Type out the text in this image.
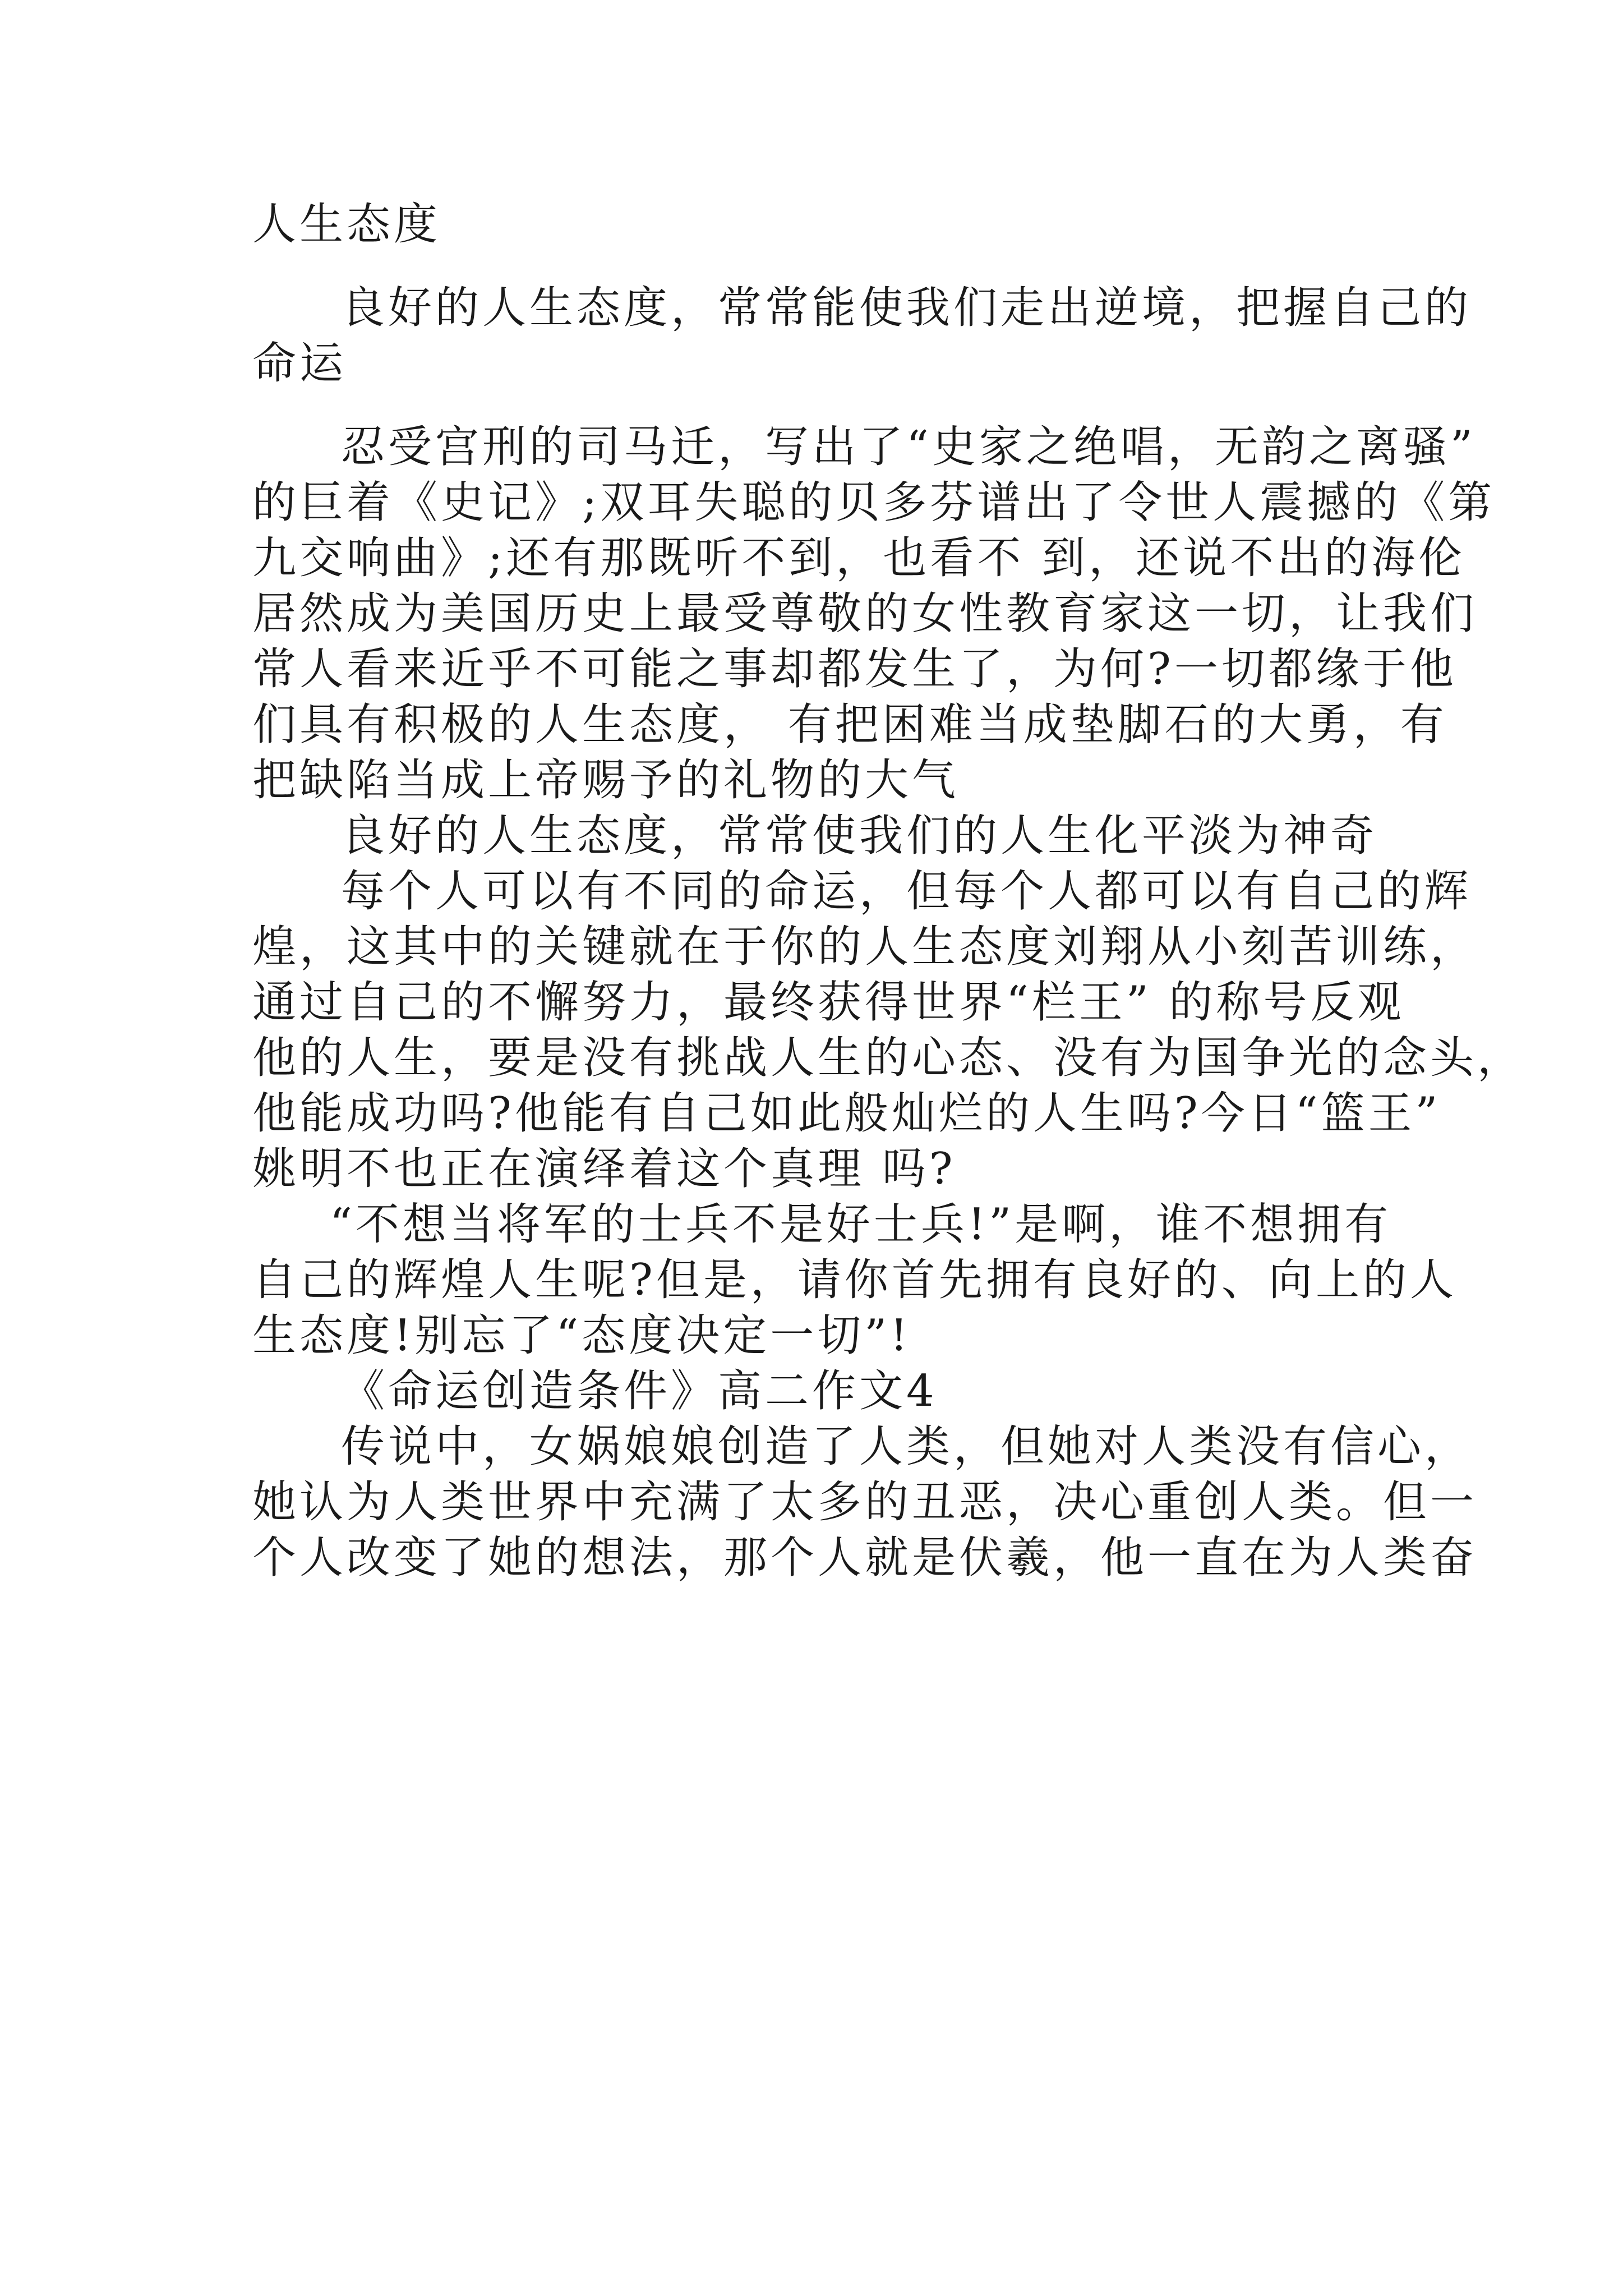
人生态度
良好的人生态度，常常能使我们走出逆境，把握自己的
命运
忍受宫刑的司马迁，写出了“史家之绝唱，无韵之离骚”
的巨着《史记》;双耳失聪的贝多芬谱出了令世人震撼的《第
九交响曲》;还有那既听不到，也看不 到，还说不出的海伦
居然成为美国历史上最受尊敬的女性教育家这一切，让我们
常人看来近乎不可能之事却都发生了，为何?一切都缘于他
们具有积极的人生态度， 有把困难当成垫脚石的大勇，有
把缺陷当成上帝赐予的礼物的大气
良好的人生态度，常常使我们的人生化平淡为神奇
每个人可以有不同的命运，但每个人都可以有自己的辉
煌，这其中的关键就在于你的人生态度刘翔从小刻苦训练，
通过自己的不懈努力，最终获得世界“栏王” 的称号反观
他的人生，要是没有挑战人生的心态、没有为国争光的念头，
他能成功吗?他能有自己如此般灿烂的人生吗?今日“篮王”
姚明不也正在演绎着这个真理 吗?
“不想当将军的士兵不是好士兵!”是啊，谁不想拥有
自己的辉煌人生呢?但是，请你首先拥有良好的、向上的人
生态度!别忘了“态度决定一切”!
《命运创造条件》高二作文4
传说中，女娲娘娘创造了人类，但她对人类没有信心，
她认为人类世界中充满了太多的丑恶，决心重创人类。但一
个人改变了她的想法，那个人就是伏羲，他一直在为人类奋
